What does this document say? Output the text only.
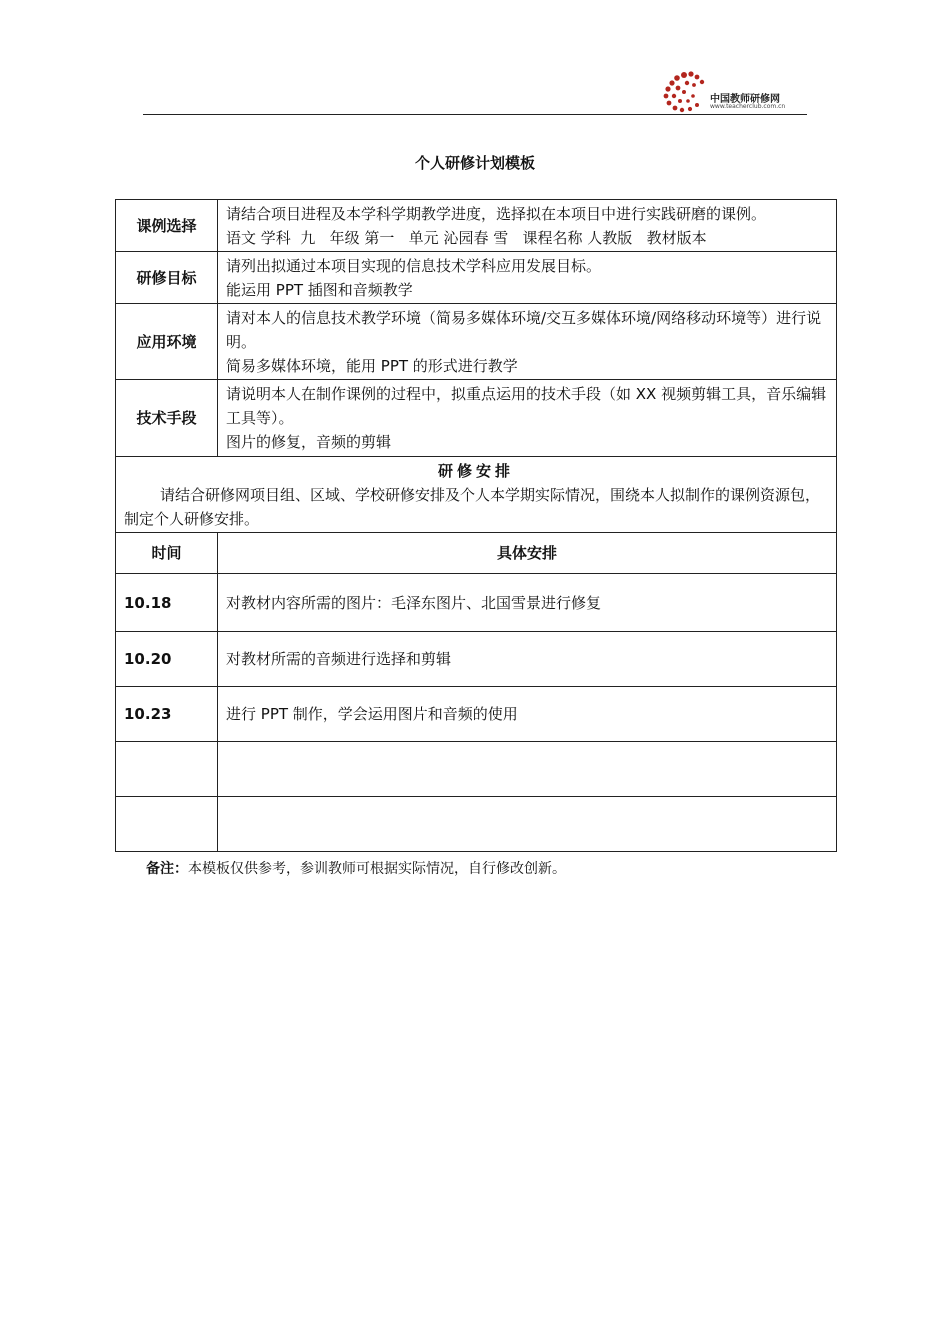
中国教师研修网
www.teacherclub.com.cn
个人研修计划模板
课例选择	请结合项目进程及本学科学期教学进度，选择拟在本项目中进行实践研磨的课例。
语文 学科  九   年级 第一   单元 沁园春 雪   课程名称 人教版   教材版本

研修目标	请列出拟通过本项目实现的信息技术学科应用发展目标。
能运用 PPT 插图和音频教学

应用环境	请对本人的信息技术教学环境（简易多媒体环境/交互多媒体环境/网络移动环境等）进行说明。
简易多媒体环境，能用 PPT 的形式进行教学

技术手段	请说明本人在制作课例的过程中，拟重点运用的技术手段（如 XX 视频剪辑工具，音乐编辑工具等）。
图片的修复，音频的剪辑

研修安排
请结合研修网项目组、区域、学校研修安排及个人本学期实际情况，围绕本人拟制作的课例资源包，制定个人研修安排。	

时间	具体安排
10.18	对教材内容所需的图片：毛泽东图片、北国雪景进行修复
10.20	对教材所需的音频进行选择和剪辑
10.23	进行 PPT 制作，学会运用图片和音频的使用

备注：本模板仅供参考，参训教师可根据实际情况，自行修改创新。
